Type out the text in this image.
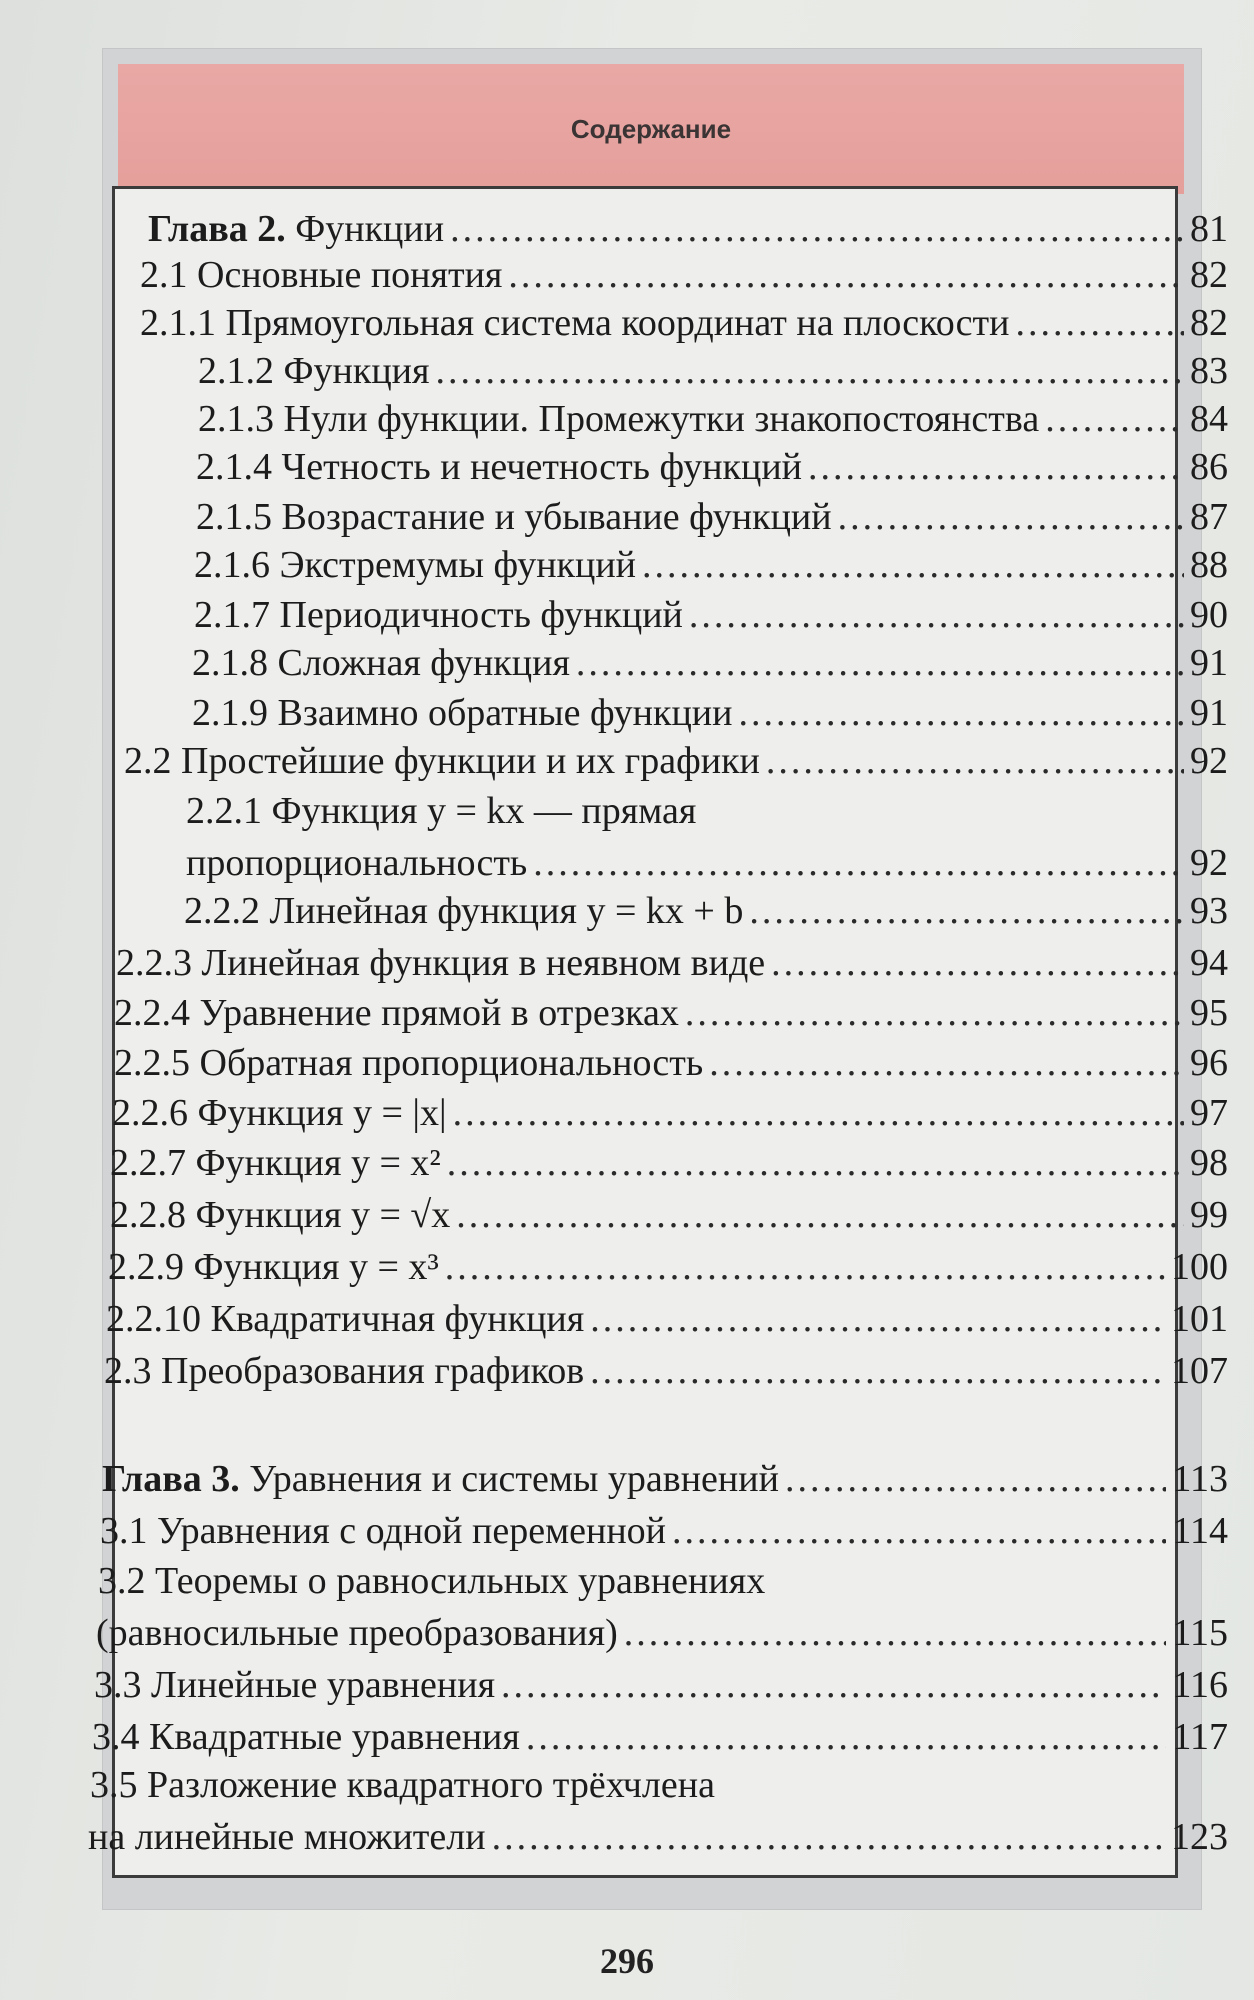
Содержание
Глава 2. Функции .....	81
2.1 Основные понятия .....	82
2.1.1 Прямоугольная система координат на плоскости .....	82
2.1.2 Функция .....	83
2.1.3 Нули функции. Промежутки знакопостоянства .....	84
2.1.4 Четность и нечетность функций .....	86
2.1.5 Возрастание и убывание функций .....	87
2.1.6 Экстремумы функций .....	88
2.1.7 Периодичность функций .....	90
2.1.8 Сложная функция .....	91
2.1.9 Взаимно обратные функции .....	91
2.2 Простейшие функции и их графики .....	92
2.2.1 Функция y = kx — прямая
пропорциональность .....	92
2.2.2 Линейная функция y = kx + b .....	93
2.2.3 Линейная функция в неявном виде .....	94
2.2.4 Уравнение прямой в отрезках .....	95
2.2.5 Обратная пропорциональность .....	96
2.2.6 Функция y = |x| .....	97
2.2.7 Функция y = x² .....	98
2.2.8 Функция y = √x .....	99
2.2.9 Функция y = x³ .....	100
2.2.10 Квадратичная функция .....	101
2.3 Преобразования графиков .....	107
Глава 3. Уравнения и системы уравнений .....	113
3.1 Уравнения с одной переменной .....	114
3.2 Теоремы о равносильных уравнениях
(равносильные преобразования) .....	115
3.3 Линейные уравнения .....	116
3.4 Квадратные уравнения .....	117
3.5 Разложение квадратного трёхчлена
на линейные множители .....	123
296
